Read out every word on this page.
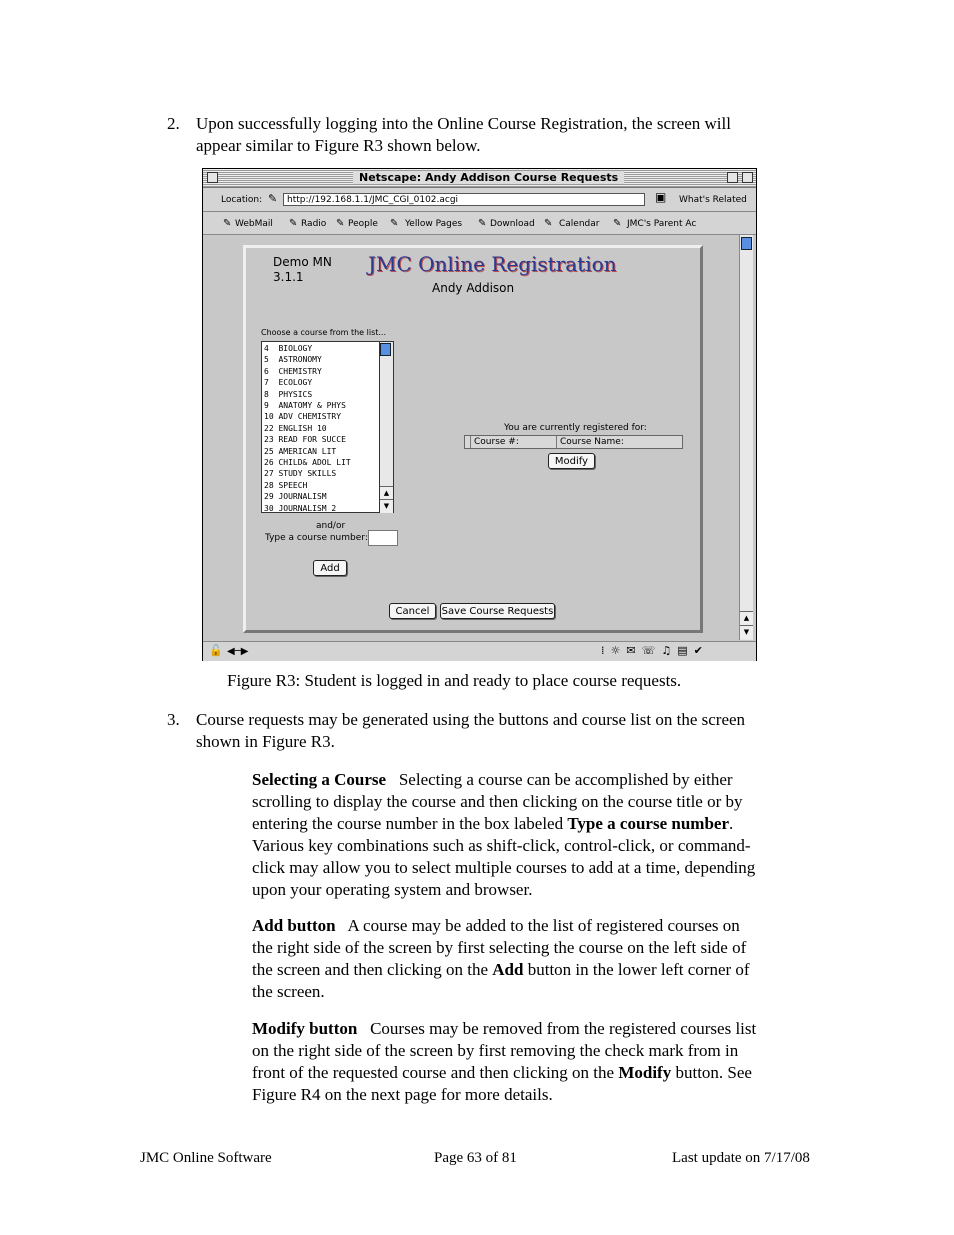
2. Upon successfully logging into the Online Course Registration, the screen will
appear similar to Figure R3 shown below.
Netscape: Andy Addison Course Requests
Location: ✎	http://192.168.1.1/JMC_CGI_0102.acgi	▣ What's Related
✎ WebMail ✎ Radio ✎ People ✎ Yellow Pages ✎ Download ✎ Calendar ✎ JMC's Parent Ac
Demo MN
3.1.1
JMC Online Registration
Andy Addison
Choose a course from the list...
4  BIOLOGY
5  ASTRONOMY
6  CHEMISTRY
7  ECOLOGY
8  PHYSICS
9  ANATOMY & PHYS
10 ADV CHEMISTRY
22 ENGLISH 10
23 READ FOR SUCCE
25 AMERICAN LIT
26 CHILD& ADOL LIT
27 STUDY SKILLS
28 SPEECH
29 JOURNALISM
30 JOURNALISM 2
▲
▼
and/or
Type a course number:
Add
You are currently registered for:
Course #:	Course Name:
Modify
Cancel	Save Course Requests
▲
▼
🔓 ◀─▶	⁞☼✉☏♫▤✔
Figure R3: Student is logged in and ready to place course requests.
3. Course requests may be generated using the buttons and course list on the screen
shown in Figure R3.
Selecting a Course Selecting a course can be accomplished by either
scrolling to display the course and then clicking on the course title or by
entering the course number in the box labeled Type a course number.
Various key combinations such as shift-click, control-click, or command-
click may allow you to select multiple courses to add at a time, depending
upon your operating system and browser.
Add button A course may be added to the list of registered courses on
the right side of the screen by first selecting the course on the left side of
the screen and then clicking on the Add button in the lower left corner of
the screen.
Modify button Courses may be removed from the registered courses list
on the right side of the screen by first removing the check mark from in
front of the requested course and then clicking on the Modify button. See
Figure R4 on the next page for more details.
JMC Online Software	Page 63 of 81	Last update on 7/17/08
